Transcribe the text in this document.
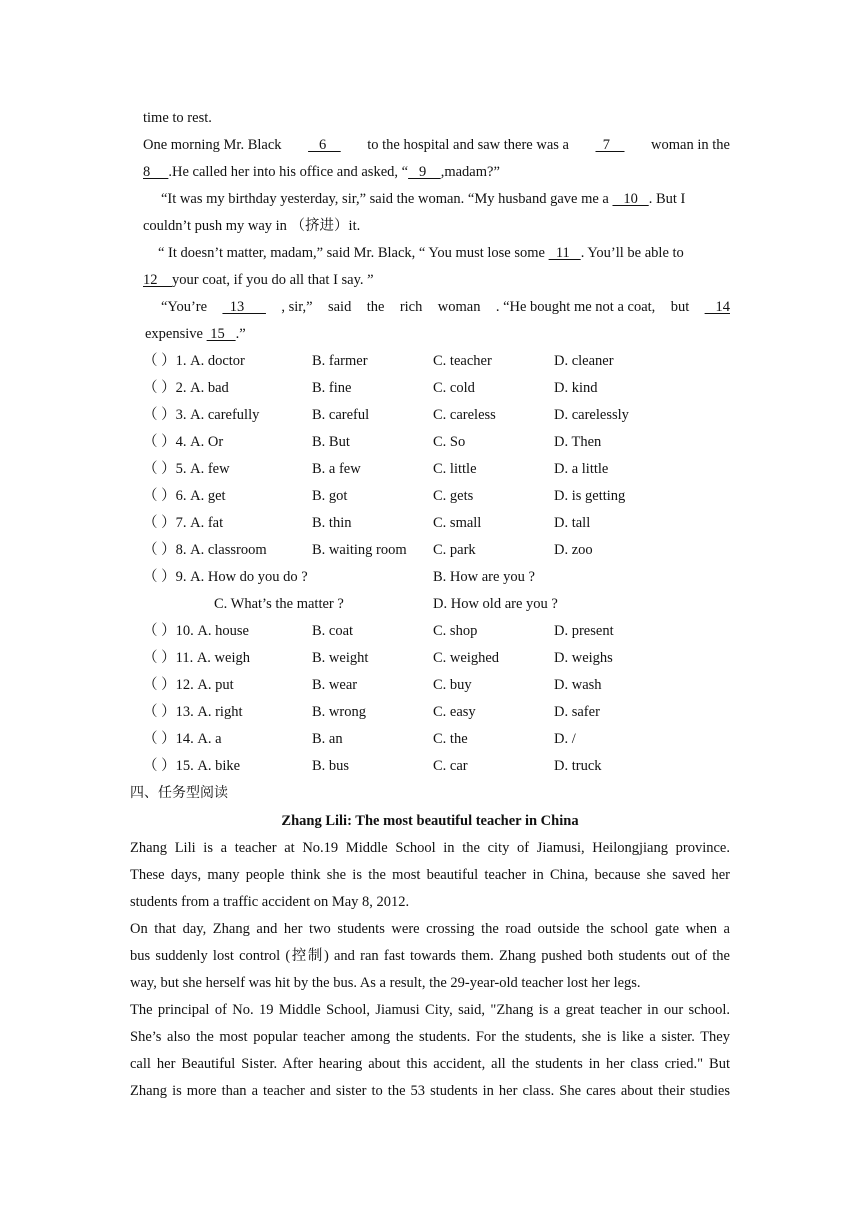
time to rest.
One morning Mr. Black 6 to the hospital and saw there was a 7 woman in the
8     .He called her into his office and asked, “   9    ,madam?”
“It was my birthday yesterday, sir,” said the woman. “My husband gave me a    10   . But I
couldn’t push my way in （挤进）it.
“ It doesn’t matter, madam,” said Mr. Black, “ You must lose some   11   . You’ll be able to
12    your coat, if you do all that I say. ”
“You’re 13 , sir,” said the rich woman . “He bought me not a coat, but 14
expensive  15   .”
（ ）1. A. doctor	B. farmer	C. teacher	D. cleaner
（ ）2. A. bad	B. fine	C. cold	D. kind
（ ）3. A. carefully	B. careful	C. careless	D. carelessly
（ ）4. A. Or	B. But	C. So	D. Then
（ ）5. A. few	B. a few	C. little	D. a little
（ ）6. A. get	B. got	C. gets	D. is getting
（ ）7. A. fat	B. thin	C. small	D. tall
（ ）8. A. classroom	B. waiting room C. park	D. zoo
（ ）9. A. How do you do ?	B. How are you ?
C. What’s the matter ?	D. How old are you ?
（ ）10. A. house	B. coat	C. shop	D. present
（ ）11. A. weigh	B. weight	C. weighed	D. weighs
（ ）12. A. put	B. wear	C. buy	D. wash
（ ）13. A. right	B. wrong	C. easy	D. safer
（ ）14. A. a	B. an	C. the	D. /
（ ）15. A. bike	B. bus	C. car	D. truck
四、任务型阅读
Zhang Lili: The most beautiful teacher in China
Zhang Lili is a teacher at No.19 Middle School in the city of Jiamusi, Heilongjiang province.
These days, many people think she is the most beautiful teacher in China, because she saved her
students from a traffic accident on May 8, 2012.
On that day, Zhang and her two students were crossing the road outside the school gate when a
bus suddenly lost control (控制) and ran fast towards them. Zhang pushed both students out of the
way, but she herself was hit by the bus. As a result, the 29-year-old teacher lost her legs.
The principal of No. 19 Middle School, Jiamusi City, said, "Zhang is a great teacher in our school.
She’s also the most popular teacher among the students. For the students, she is like a sister. They
call her Beautiful Sister. After hearing about this accident, all the students in her class cried." But
Zhang is more than a teacher and sister to the 53 students in her class. She cares about their studies
